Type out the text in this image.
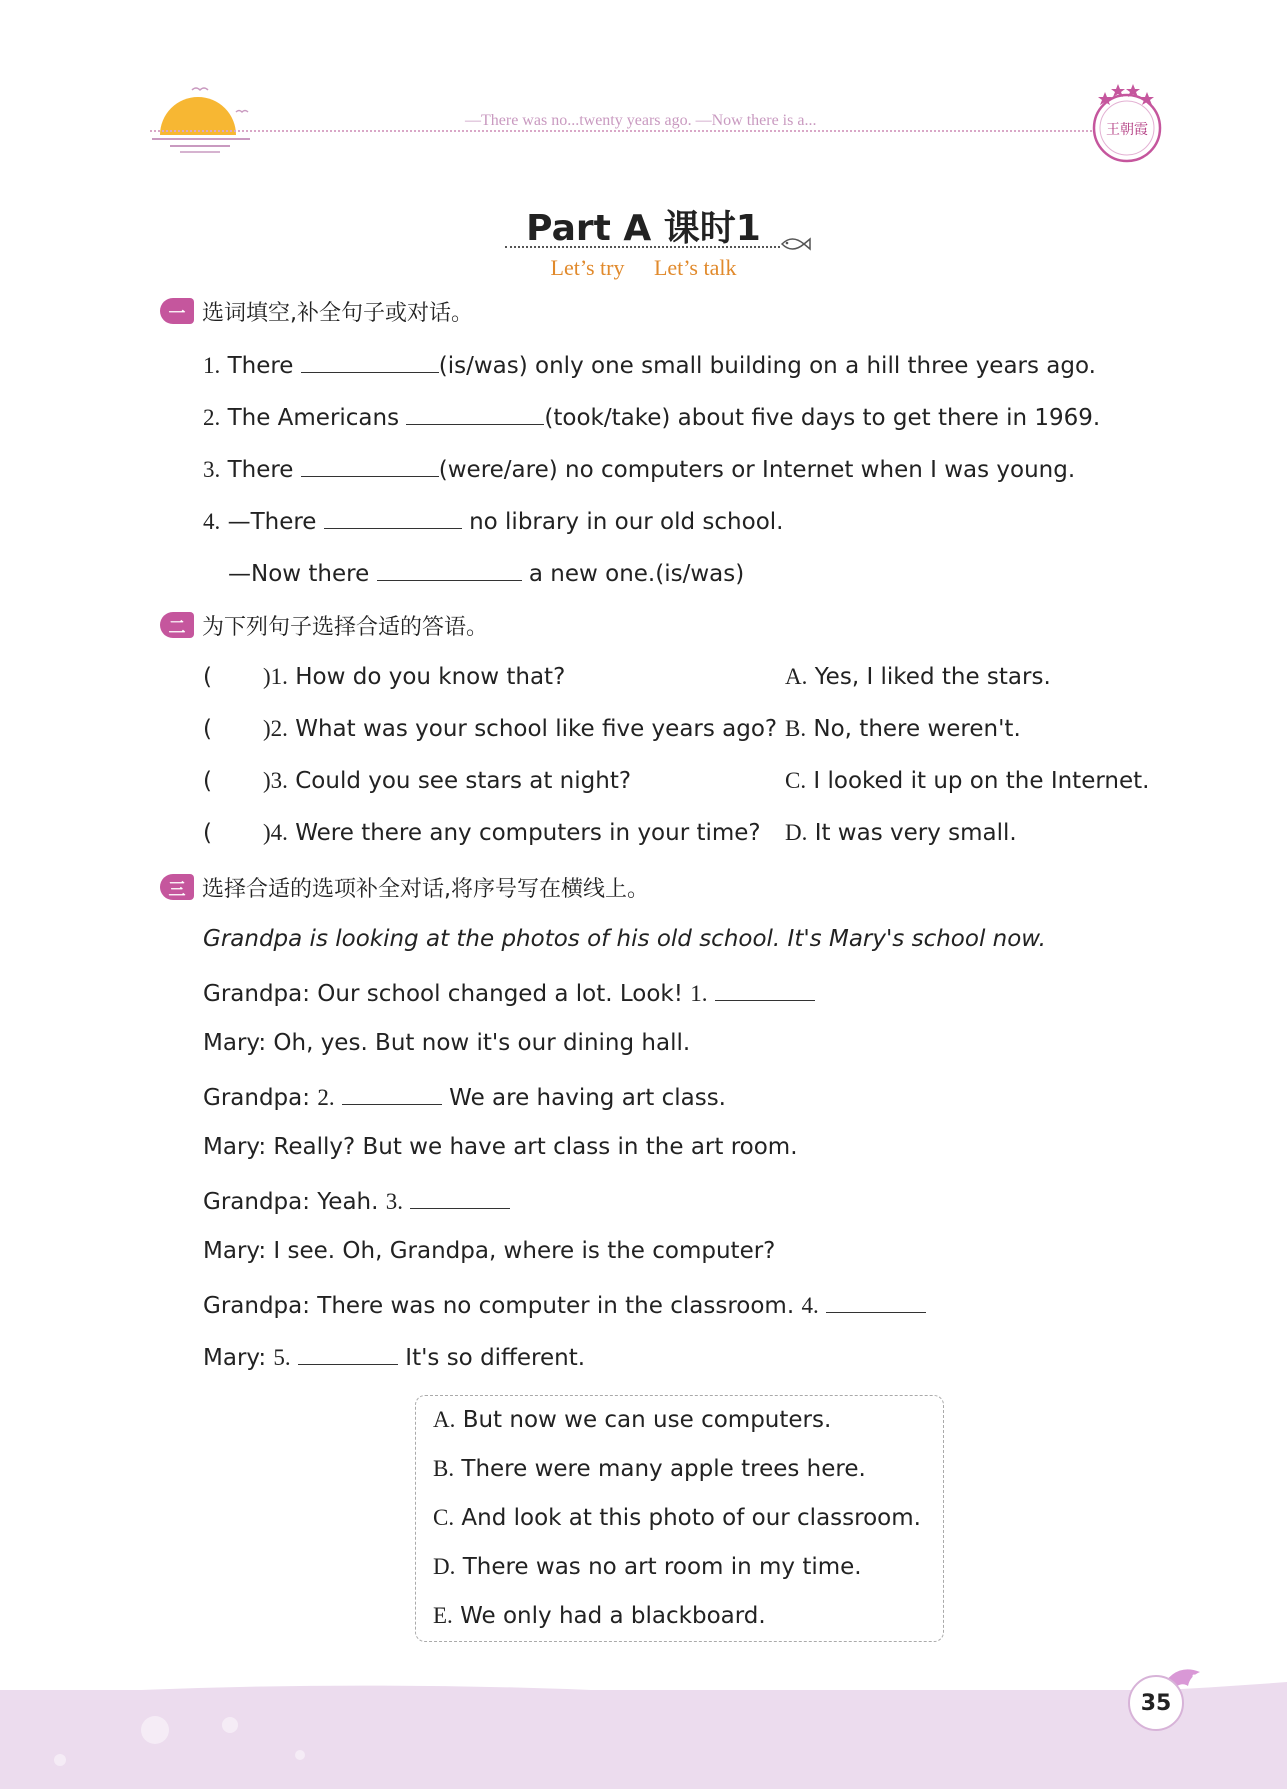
—There was no...twenty years ago. —Now there is a...
王朝霞
Part A 课时1
Let’s try Let’s talk
一 选词填空,补全句子或对话。
1. There	(is/was) only one small building on a hill three years ago.
2. The Americans	(took/take) about five days to get there in 1969.
3. There	(were/are) no computers or Internet when I was young.
4. —There	no library in our old school.
—Now there	a new one.(is/was)
二 为下列句子选择合适的答语。
( )1. How do you know that?	A. Yes, I liked the stars.
( )2. What was your school like five years ago? B. No, there weren't.
( )3. Could you see stars at night?	C. I looked it up on the Internet.
( )4. Were there any computers in your time? D. It was very small.
三 选择合适的选项补全对话,将序号写在横线上。
Grandpa is looking at the photos of his old school. It's Mary's school now.
Grandpa: Our school changed a lot. Look! 1.
Mary: Oh, yes. But now it's our dining hall.
Grandpa: 2.	We are having art class.
Mary: Really? But we have art class in the art room.
Grandpa: Yeah. 3.
Mary: I see. Oh, Grandpa, where is the computer?
Grandpa: There was no computer in the classroom. 4.
Mary: 5.	It's so different.
A. But now we can use computers.
B. There were many apple trees here.
C. And look at this photo of our classroom.
D. There was no art room in my time.
E. We only had a blackboard.
35
